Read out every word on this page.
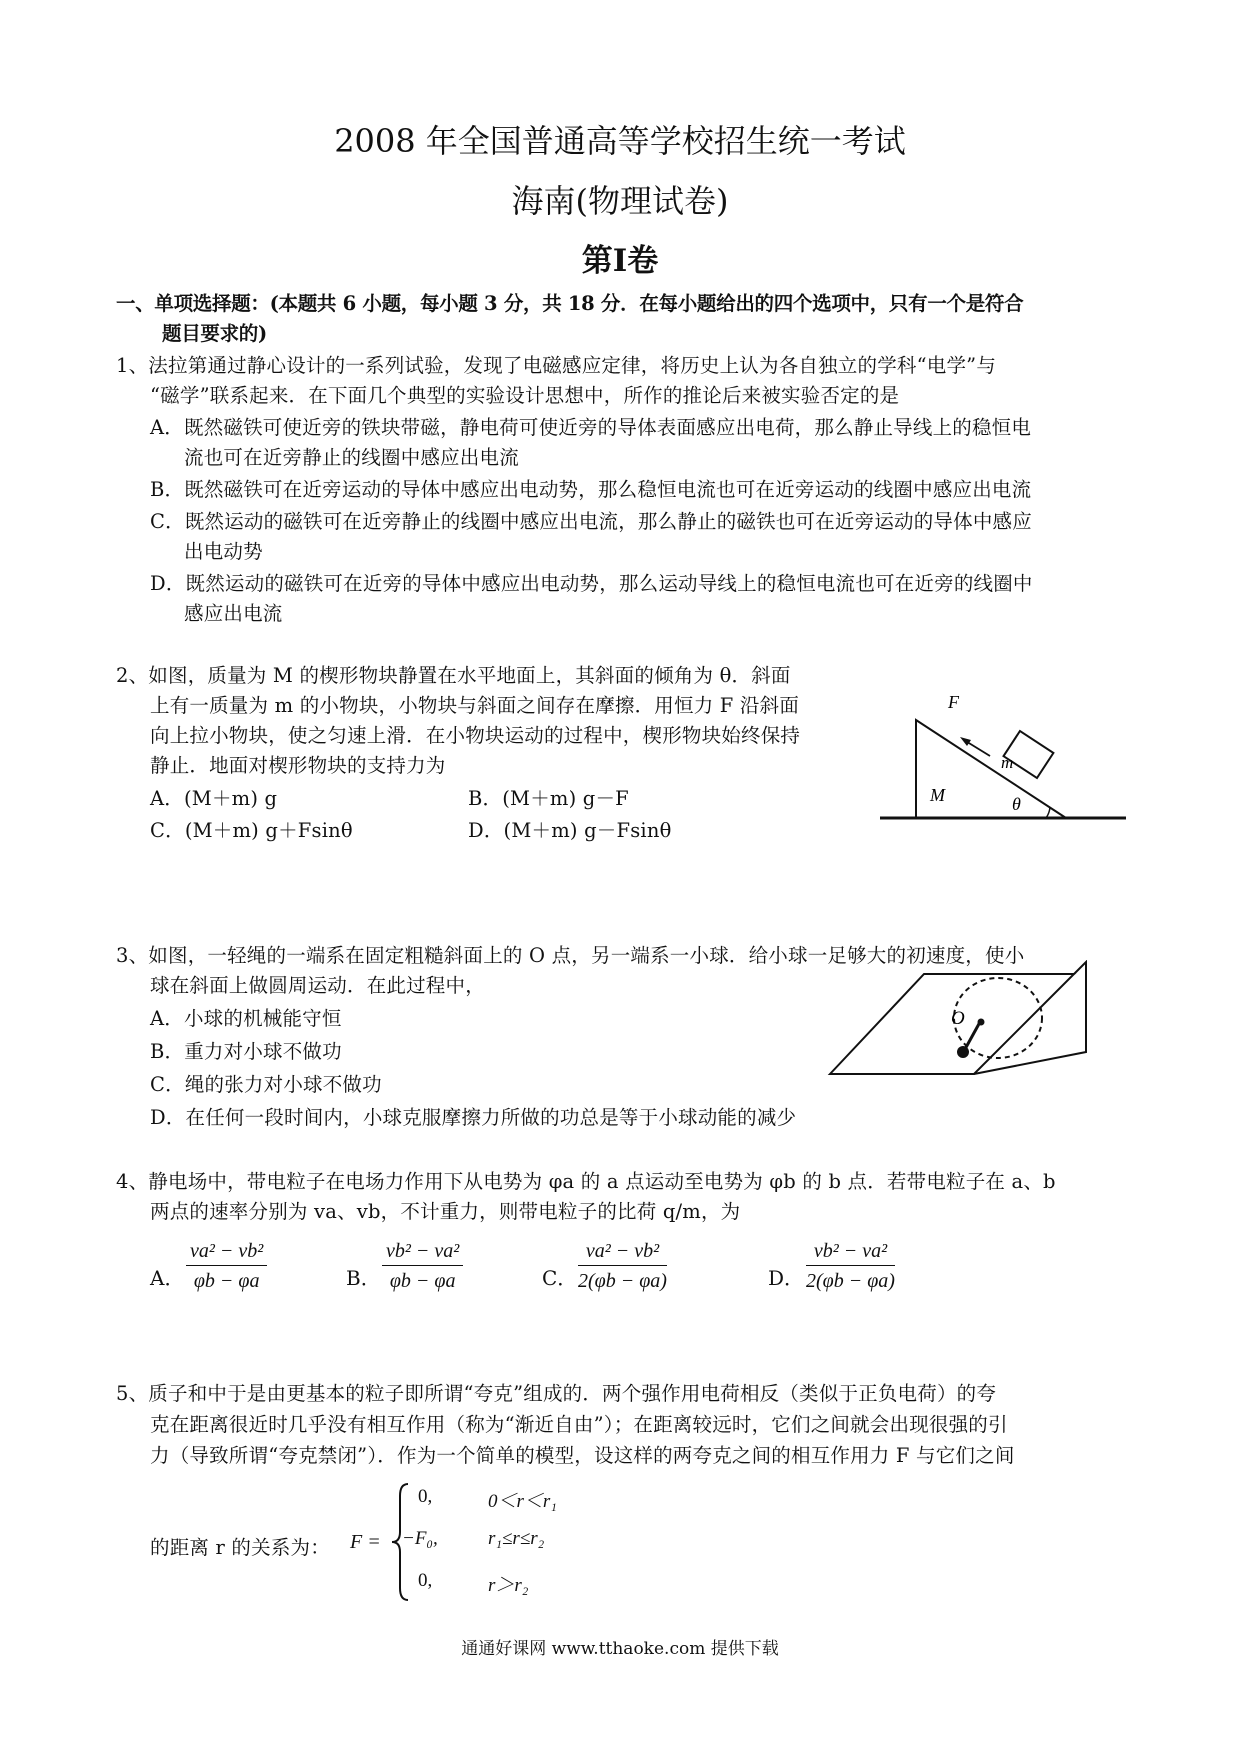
2008 年全国普通高等学校招生统一考试
海南(物理试卷)
第Ⅰ卷
一、单项选择题：(本题共 6 小题，每小题 3 分，共 18 分．在每小题给出的四个选项中，只有一个是符合
题目要求的)
1、法拉第通过静心设计的一系列试验，发现了电磁感应定律，将历史上认为各自独立的学科“电学”与
“磁学”联系起来．在下面几个典型的实验设计思想中，所作的推论后来被实验否定的是
A．既然磁铁可使近旁的铁块带磁，静电荷可使近旁的导体表面感应出电荷，那么静止导线上的稳恒电
流也可在近旁静止的线圈中感应出电流
B．既然磁铁可在近旁运动的导体中感应出电动势，那么稳恒电流也可在近旁运动的线圈中感应出电流
C．既然运动的磁铁可在近旁静止的线圈中感应出电流，那么静止的磁铁也可在近旁运动的导体中感应
出电动势
D．既然运动的磁铁可在近旁的导体中感应出电动势，那么运动导线上的稳恒电流也可在近旁的线圈中
感应出电流
2、如图，质量为 M 的楔形物块静置在水平地面上，其斜面的倾角为 θ．斜面
上有一质量为 m 的小物块，小物块与斜面之间存在摩擦．用恒力 F 沿斜面
向上拉小物块，使之匀速上滑．在小物块运动的过程中，楔形物块始终保持
静止．地面对楔形物块的支持力为
A．(M＋m) g	B．(M＋m) g－F
C．(M＋m) g＋Fsinθ	D．(M＋m) g－Fsinθ
F
m
M	θ
3、如图，一轻绳的一端系在固定粗糙斜面上的 O 点，另一端系一小球．给小球一足够大的初速度，使小
球在斜面上做圆周运动．在此过程中，
A．小球的机械能守恒
B．重力对小球不做功
C．绳的张力对小球不做功
D．在任何一段时间内，小球克服摩擦力所做的功总是等于小球动能的减少
O
4、静电场中，带电粒子在电场力作用下从电势为 φa 的 a 点运动至电势为 φb 的 b 点．若带电粒子在 a、b
两点的速率分别为 va、vb，不计重力，则带电粒子的比荷 q/m，为
A． $\frac{\text{va² − vb²}}{\varphi b - \varphi a}$	B． $\frac{\text{vb² − va²}}{\varphi b - \varphi a}$	C． $\frac{\text{va² − vb²}}{2(\varphi b - \varphi a)}$	D． $\frac{\text{vb² − va²}}{2(\varphi b - \varphi a)}$
5、质子和中于是由更基本的粒子即所谓“夸克”组成的．两个强作用电荷相反（类似于正负电荷）的夸
克在距离很近时几乎没有相互作用（称为“渐近自由”）；在距离较远时，它们之间就会出现很强的引
力（导致所谓“夸克禁闭”）．作为一个简单的模型，设这样的两夸克之间的相互作用力 F 与它们之间
的距离 r 的关系为： F =
0,	0＜r＜r₁
−F₀,	r₁≤r≤r₂
0,	r＞r₂
通通好课网 www.tthaoke.com 提供下载
